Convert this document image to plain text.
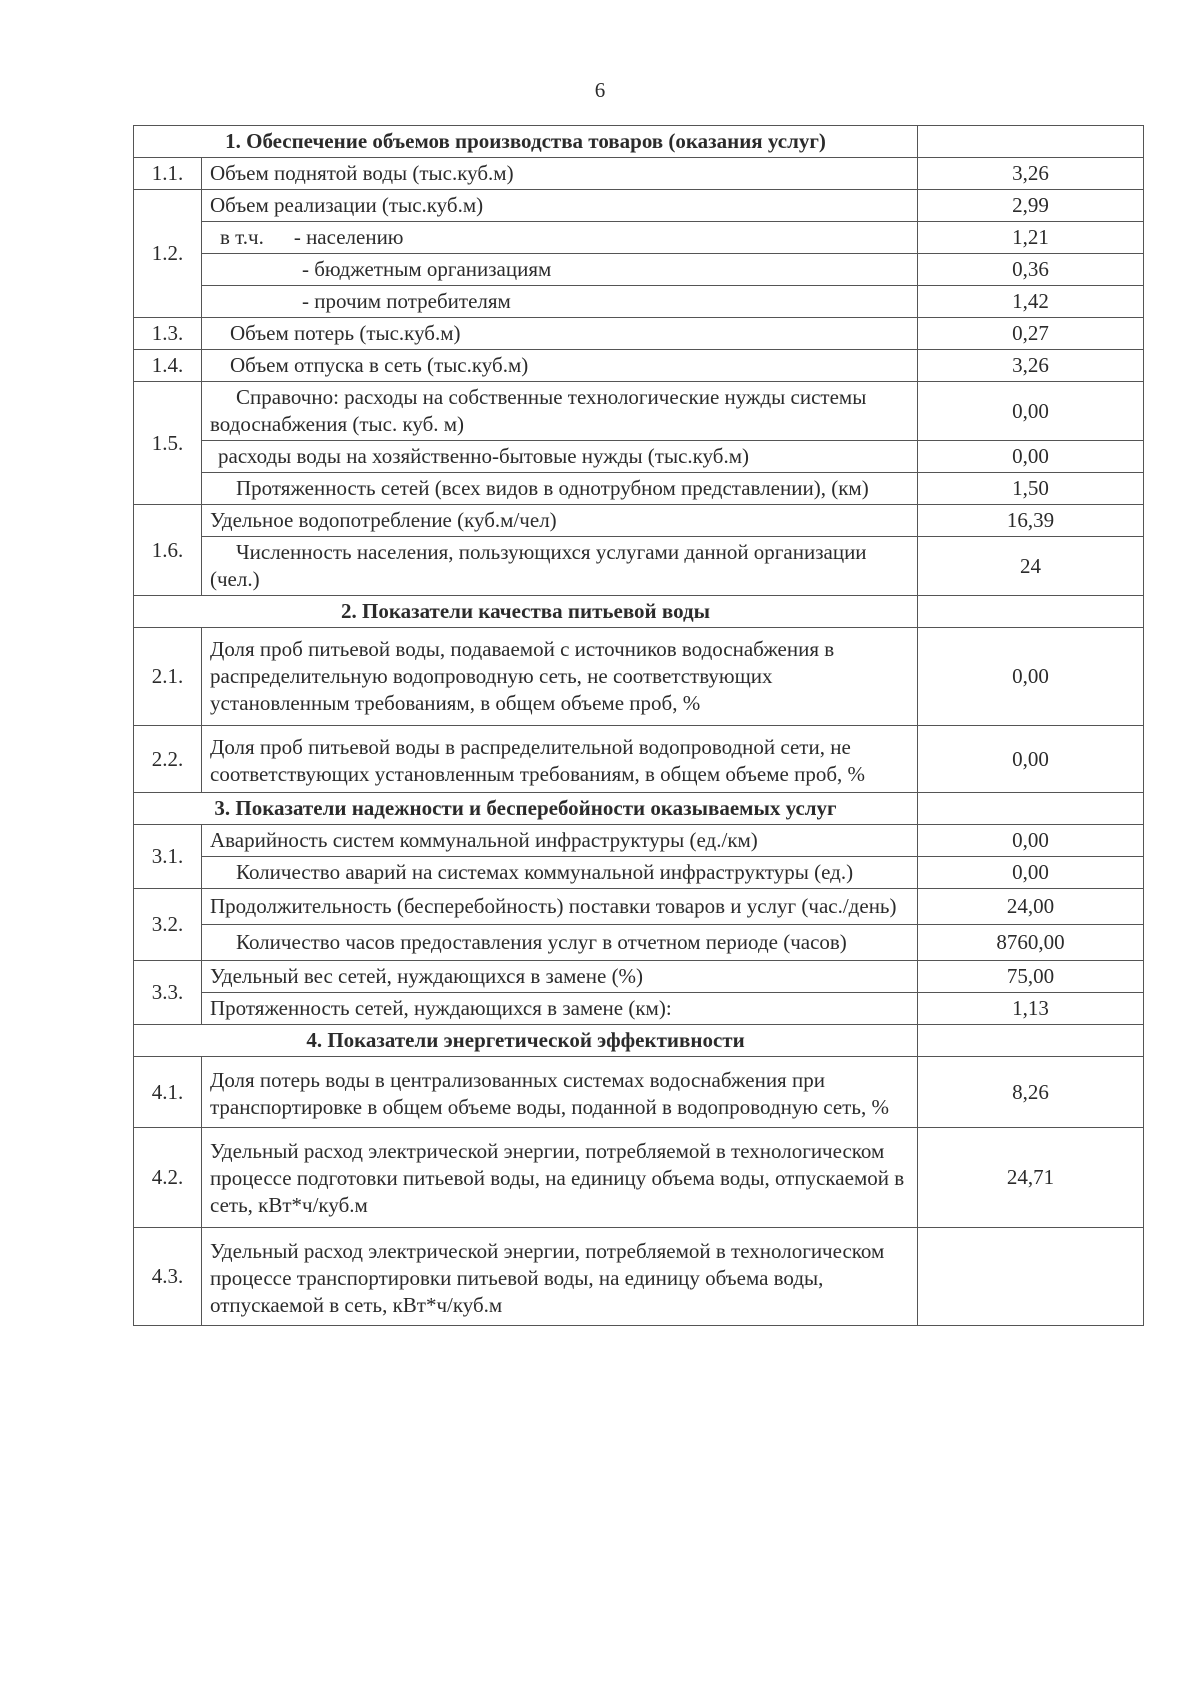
6
1. Обеспечение объемов производства товаров (оказания услуг)		
1.1.	Объем поднятой воды (тыс.куб.м)	3,26
1.2.	Объем реализации (тыс.куб.м)	2,99
	в т.ч. - населению	1,21
	- бюджетным организациям	0,36
	- прочим потребителям	1,42
1.3.	Объем потерь (тыс.куб.м)	0,27
1.4.	Объем отпуска в сеть (тыс.куб.м)	3,26
1.5.	Справочно: расходы на собственные технологические нужды системы водоснабжения (тыс. куб. м)	0,00
	расходы воды на хозяйственно-бытовые нужды (тыс.куб.м)	0,00
	Протяженность сетей (всех видов в однотрубном представлении), (км)	1,50
1.6.	Удельное водопотребление (куб.м/чел)	16,39
	Численность населения, пользующихся услугами данной организации (чел.)	24
2. Показатели качества питьевой воды		
2.1.	Доля проб питьевой воды, подаваемой с источников водоснабжения в распределительную водопроводную сеть, не соответствующих установленным требованиям, в общем объеме проб, %	0,00
2.2.	Доля проб питьевой воды в распределительной водопроводной сети, не соответствующих установленным требованиям, в общем объеме проб, %	0,00
3. Показатели надежности и бесперебойности оказываемых услуг		
3.1.	Аварийность систем коммунальной инфраструктуры (ед./км)	0,00
	Количество аварий на системах коммунальной инфраструктуры (ед.)	0,00
3.2.	Продолжительность (бесперебойность) поставки товаров и услуг (час./день)	24,00
	Количество часов предоставления услуг в отчетном периоде (часов)	8760,00
3.3.	Удельный вес сетей, нуждающихся в замене (%)	75,00
	Протяженность сетей, нуждающихся в замене (км):	1,13
4. Показатели энергетической эффективности		
4.1.	Доля потерь воды в централизованных системах водоснабжения при транспортировке в общем объеме воды, поданной в водопроводную сеть, %	8,26
4.2.	Удельный расход электрической энергии, потребляемой в технологическом процессе подготовки питьевой воды, на единицу объема воды, отпускаемой в сеть, кВт*ч/куб.м	24,71
4.3.	Удельный расход электрической энергии, потребляемой в технологическом процессе транспортировки питьевой воды, на единицу объема воды, отпускаемой в сеть, кВт*ч/куб.м	
